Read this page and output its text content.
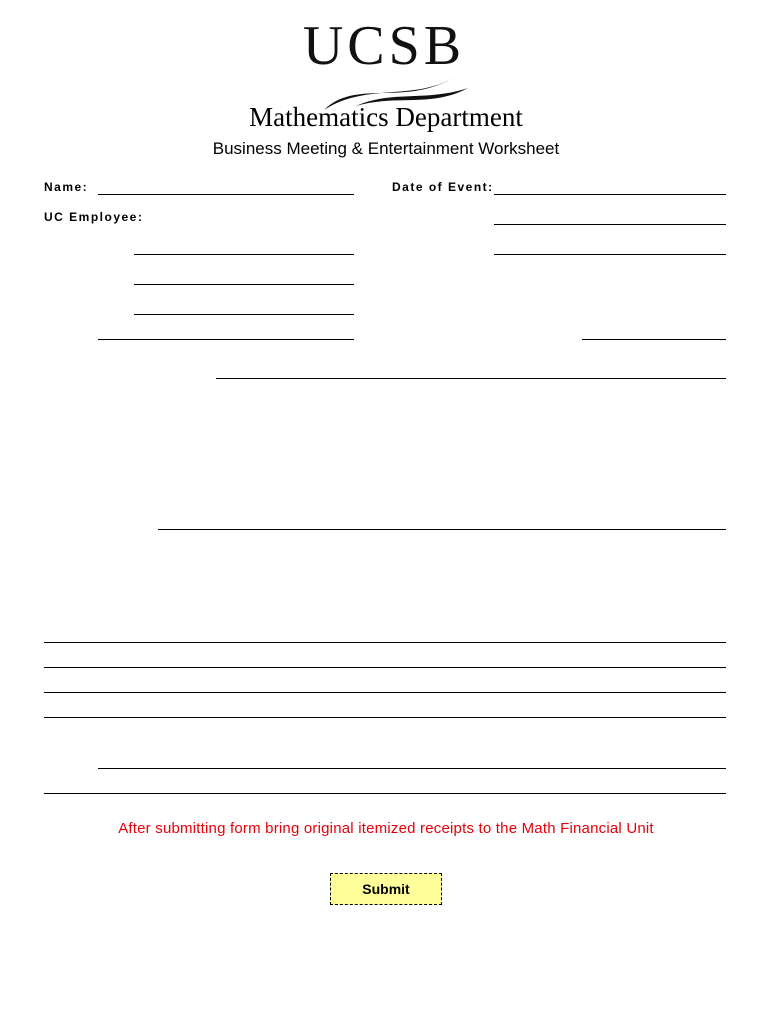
UCSB
Mathematics Department
Business Meeting & Entertainment Worksheet
Name:	Date of Event:
UC Employee:
After submitting form bring original itemized receipts to the Math Financial Unit
Submit
